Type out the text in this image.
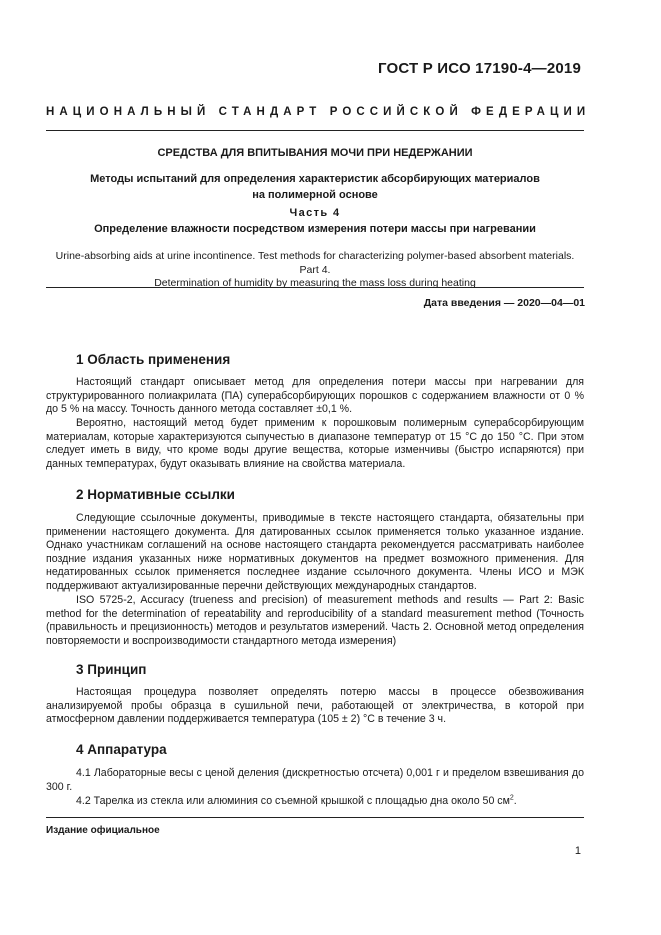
ГОСТ Р ИСО 17190-4—2019
НАЦИОНАЛЬНЫЙ СТАНДАРТ РОССИЙСКОЙ ФЕДЕРАЦИИ
СРЕДСТВА ДЛЯ ВПИТЫВАНИЯ МОЧИ ПРИ НЕДЕРЖАНИИ
Методы испытаний для определения характеристик абсорбирующих материалов
на полимерной основе
Часть 4
Определение влажности посредством измерения потери массы при нагревании
Urine-absorbing aids at urine incontinence. Test methods for characterizing polymer-based absorbent materials. Part 4.
Determination of humidity by measuring the mass loss during heating
Дата введения — 2020—04—01
1 Область применения
Настоящий стандарт описывает метод для определения потери массы при нагревании для структурированного полиакрилата (ПА) суперабсорбирующих порошков с содержанием влажности от 0 % до 5 % на массу. Точность данного метода составляет ±0,1 %.
Вероятно, настоящий метод будет применим к порошковым полимерным суперабсорбирующим материалам, которые характеризуются сыпучестью в диапазоне температур от 15 °С до 150 °С. При этом следует иметь в виду, что кроме воды другие вещества, которые изменчивы (быстро испаряются) при данных температурах, будут оказывать влияние на свойства материала.
2 Нормативные ссылки
Следующие ссылочные документы, приводимые в тексте настоящего стандарта, обязательны при применении настоящего документа. Для датированных ссылок применяется только указанное издание. Однако участникам соглашений на основе настоящего стандарта рекомендуется рассматривать наиболее поздние издания указанных ниже нормативных документов на предмет возможного применения. Для недатированных ссылок применяется последнее издание ссылочного документа. Члены ИСО и МЭК поддерживают актуализированные перечни действующих международных стандартов.
ISO 5725-2, Accuracy (trueness and precision) of measurement methods and results — Part 2: Basic method for the determination of repeatability and reproducibility of a standard measurement method (Точность (правильность и прецизионность) методов и результатов измерений. Часть 2. Основной метод определения повторяемости и воспроизводимости стандартного метода измерения)
3 Принцип
Настоящая процедура позволяет определять потерю массы в процессе обезвоживания анализируемой пробы образца в сушильной печи, работающей от электричества, в которой при атмосферном давлении поддерживается температура (105 ± 2) °С в течение 3 ч.
4 Аппаратура
4.1 Лабораторные весы с ценой деления (дискретностью отсчета) 0,001 г и пределом взвешивания до 300 г.
4.2 Тарелка из стекла или алюминия со съемной крышкой с площадью дна около 50 $см^2$.
Издание официальное
1
